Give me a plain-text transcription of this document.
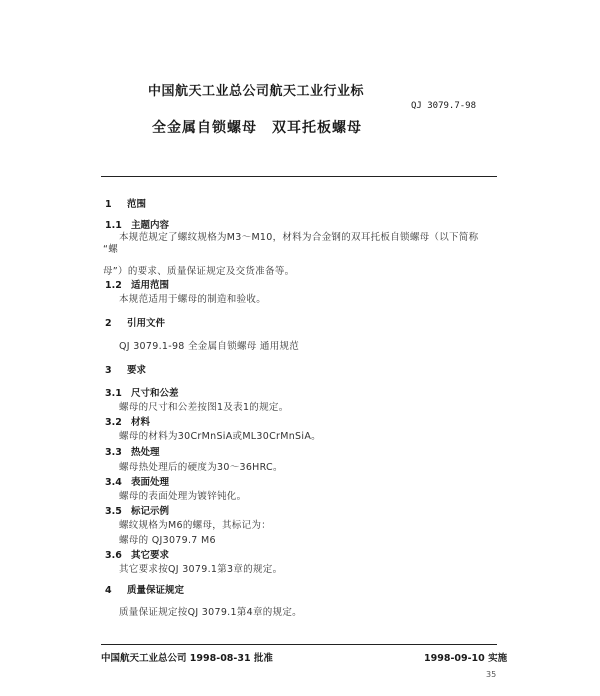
中国航天工业总公司航天工业行业标
QJ 3079.7-98
全金属自锁螺母　双耳托板螺母
1 范围
1.1 主题内容
本规范规定了螺纹规格为M3～M10，材料为合金钢的双耳托板自锁螺母（以下简称
“螺
母”）的要求、质量保证规定及交货准备等。
1.2 适用范围
本规范适用于螺母的制造和验收。
2 引用文件
QJ 3079.1-98 全金属自锁螺母 通用规范
3 要求
3.1 尺寸和公差
螺母的尺寸和公差按图1及表1的规定。
3.2 材料
螺母的材料为30CrMnSiA或ML30CrMnSiA。
3.3 热处理
螺母热处理后的硬度为30～36HRC。
3.4 表面处理
螺母的表面处理为镀锌钝化。
3.5 标记示例
螺纹规格为M6的螺母，其标记为：
螺母的 QJ3079.7 M6
3.6 其它要求
其它要求按QJ 3079.1第3章的规定。
4 质量保证规定
质量保证规定按QJ 3079.1第4章的规定。
中国航天工业总公司 1998-08-31 批准	1998-09-10 实施
35
